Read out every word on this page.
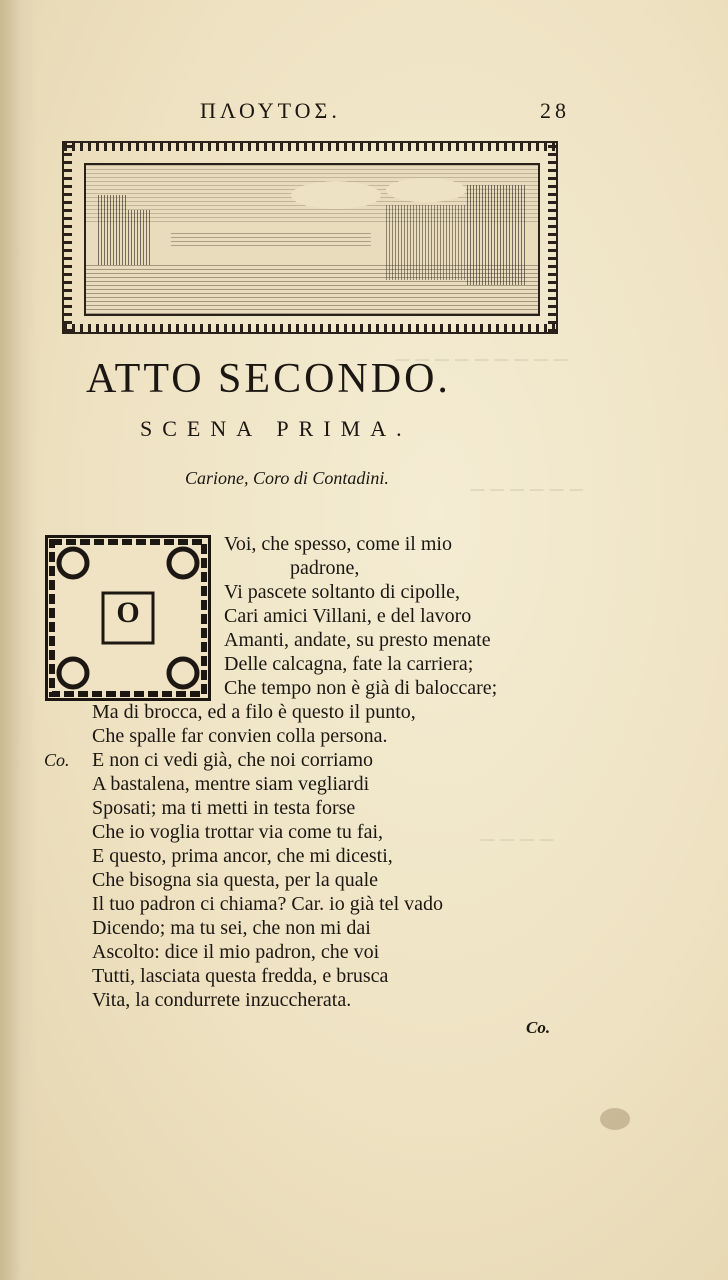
— — — — — — — — —
— — — — — —
— — — —
ΠΛΟΥΤΟΣ.	28
ATTO SECONDO.
SCENA PRIMA.
Carione, Coro di Contadini.
O
Voi, che spesso, come il mio
padrone,
Vi pascete soltanto di cipolle,
Cari amici Villani, e del lavoro
Amanti, andate, su presto menate
Delle calcagna, fate la carriera;
Che tempo non è già di baloccare;
Ma di brocca, ed a filo è questo il punto,
Che spalle far convien colla persona.
Co. E non ci vedi già, che noi corriamo
A bastalena, mentre siam vegliardi
Sposati; ma ti metti in testa forse
Che io voglia trottar via come tu fai,
E questo, prima ancor, che mi dicesti,
Che bisogna sia questa, per la quale
Il tuo padron ci chiama? Car. io già tel vado
Dicendo; ma tu sei, che non mi dai
Ascolto: dice il mio padron, che voi
Tutti, lasciata questa fredda, e brusca
Vita, la condurrete inzuccherata.
Co.
